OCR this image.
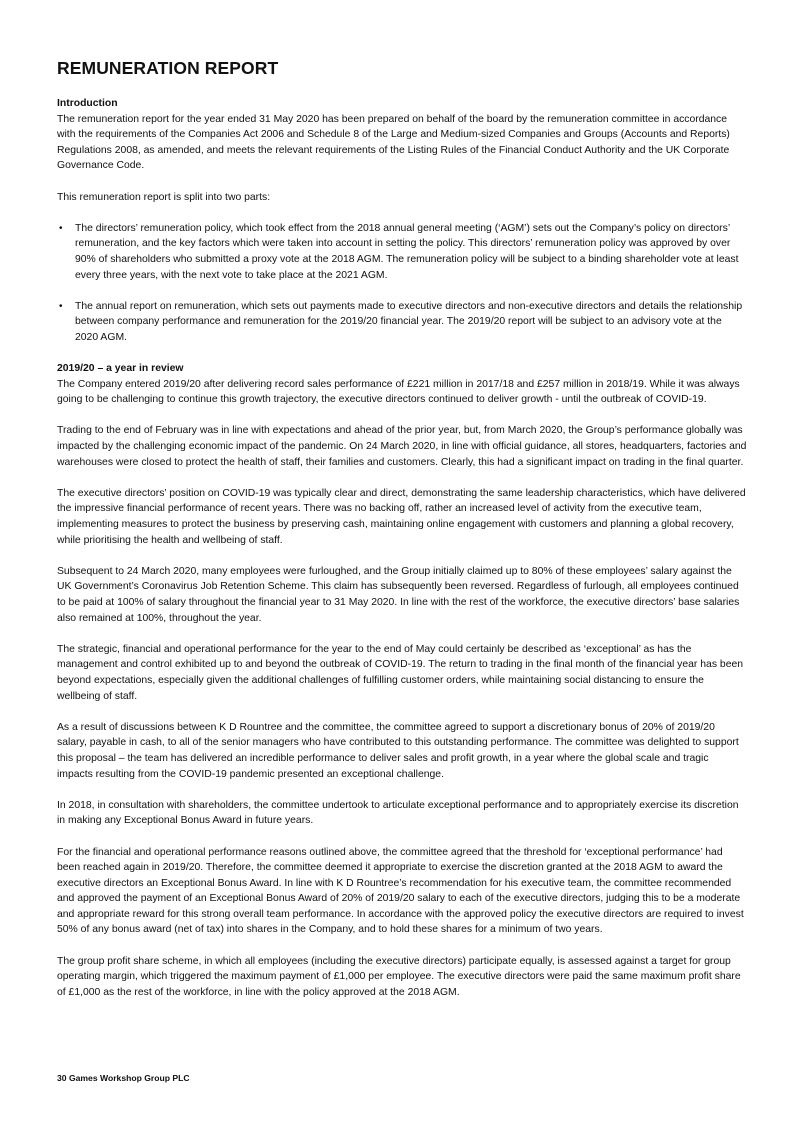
REMUNERATION REPORT
Introduction

The remuneration report for the year ended 31 May 2020 has been prepared on behalf of the board by the remuneration committee in accordance with the requirements of the Companies Act 2006 and Schedule 8 of the Large and Medium-sized Companies and Groups (Accounts and Reports) Regulations 2008, as amended, and meets the relevant requirements of the Listing Rules of the Financial Conduct Authority and the UK Corporate Governance Code.

This remuneration report is split into two parts:

• The directors’ remuneration policy, which took effect from the 2018 annual general meeting (‘AGM’) sets out the Company’s policy on directors’ remuneration, and the key factors which were taken into account in setting the policy. This directors’ remuneration policy was approved by over 90% of shareholders who submitted a proxy vote at the 2018 AGM. The remuneration policy will be subject to a binding shareholder vote at least every three years, with the next vote to take place at the 2021 AGM.
• The annual report on remuneration, which sets out payments made to executive directors and non-executive directors and details the relationship between company performance and remuneration for the 2019/20 financial year. The 2019/20 report will be subject to an advisory vote at the 2020 AGM.
2019/20 – a year in review

The Company entered 2019/20 after delivering record sales performance of £221 million in 2017/18 and £257 million in 2018/19. While it was always going to be challenging to continue this growth trajectory, the executive directors continued to deliver growth - until the outbreak of COVID-19.

Trading to the end of February was in line with expectations and ahead of the prior year, but, from March 2020, the Group’s performance globally was impacted by the challenging economic impact of the pandemic. On 24 March 2020, in line with official guidance, all stores, headquarters, factories and warehouses were closed to protect the health of staff, their families and customers. Clearly, this had a significant impact on trading in the final quarter.

The executive directors’ position on COVID-19 was typically clear and direct, demonstrating the same leadership characteristics, which have delivered the impressive financial performance of recent years. There was no backing off, rather an increased level of activity from the executive team, implementing measures to protect the business by preserving cash, maintaining online engagement with customers and planning a global recovery, while prioritising the health and wellbeing of staff.

Subsequent to 24 March 2020, many employees were furloughed, and the Group initially claimed up to 80% of these employees’ salary against the UK Government’s Coronavirus Job Retention Scheme. This claim has subsequently been reversed. Regardless of furlough, all employees continued to be paid at 100% of salary throughout the financial year to 31 May 2020. In line with the rest of the workforce, the executive directors’ base salaries also remained at 100%, throughout the year.

The strategic, financial and operational performance for the year to the end of May could certainly be described as ‘exceptional’ as has the management and control exhibited up to and beyond the outbreak of COVID-19. The return to trading in the final month of the financial year has been beyond expectations, especially given the additional challenges of fulfilling customer orders, while maintaining social distancing to ensure the wellbeing of staff.

As a result of discussions between K D Rountree and the committee, the committee agreed to support a discretionary bonus of 20% of 2019/20 salary, payable in cash, to all of the senior managers who have contributed to this outstanding performance. The committee was delighted to support this proposal – the team has delivered an incredible performance to deliver sales and profit growth, in a year where the global scale and tragic impacts resulting from the COVID-19 pandemic presented an exceptional challenge.

In 2018, in consultation with shareholders, the committee undertook to articulate exceptional performance and to appropriately exercise its discretion in making any Exceptional Bonus Award in future years.

For the financial and operational performance reasons outlined above, the committee agreed that the threshold for ‘exceptional performance’ had been reached again in 2019/20. Therefore, the committee deemed it appropriate to exercise the discretion granted at the 2018 AGM to award the executive directors an Exceptional Bonus Award. In line with K D Rountree’s recommendation for his executive team, the committee recommended and approved the payment of an Exceptional Bonus Award of 20% of 2019/20 salary to each of the executive directors, judging this to be a moderate and appropriate reward for this strong overall team performance. In accordance with the approved policy the executive directors are required to invest 50% of any bonus award (net of tax) into shares in the Company, and to hold these shares for a minimum of two years.

The group profit share scheme, in which all employees (including the executive directors) participate equally, is assessed against a target for group operating margin, which triggered the maximum payment of £1,000 per employee. The executive directors were paid the same maximum profit share of £1,000 as the rest of the workforce, in line with the policy approved at the 2018 AGM.

30 Games Workshop Group PLC
